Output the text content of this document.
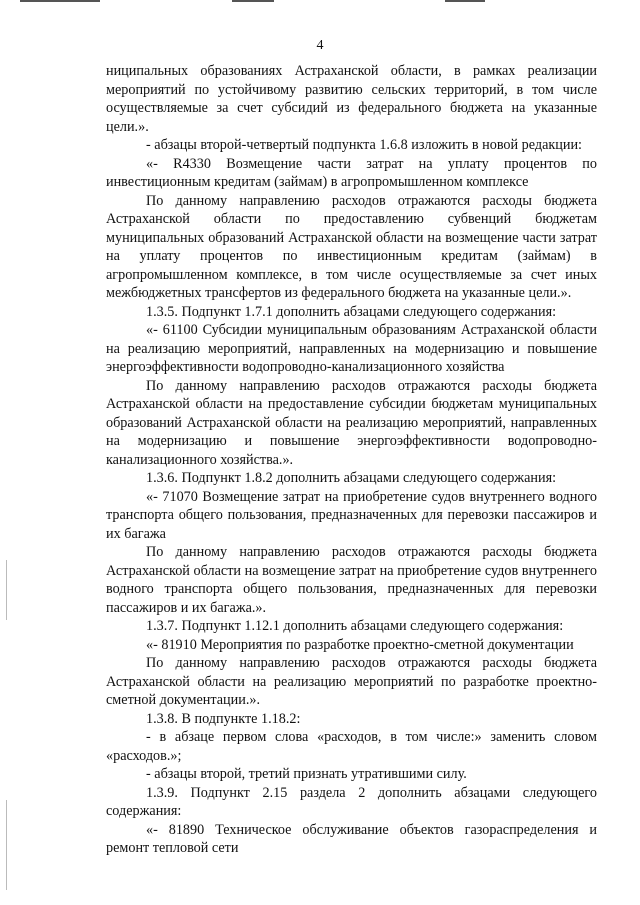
4

ниципальных образованиях Астраханской области, в рамках реализации мероприятий по устойчивому развитию сельских территорий, в том числе осуществляемые за счет субсидий из федерального бюджета на указанные цели.».

- абзацы второй-четвертый подпункта 1.6.8 изложить в новой редакции:

«- R4330 Возмещение части затрат на уплату процентов по инвестиционным кредитам (займам) в агропромышленном комплексе

По данному направлению расходов отражаются расходы бюджета Астраханской области по предоставлению субвенций бюджетам муниципальных образований Астраханской области на возмещение части затрат на уплату процентов по инвестиционным кредитам (займам) в агропромышленном комплексе, в том числе осуществляемые за счет иных межбюджетных трансфертов из федерального бюджета на указанные цели.».

1.3.5. Подпункт 1.7.1 дополнить абзацами следующего содержания:

«- 61100 Субсидии муниципальным образованиям Астраханской области на реализацию мероприятий, направленных на модернизацию и повышение энергоэффективности водопроводно-канализационного хозяйства

По данному направлению расходов отражаются расходы бюджета Астраханской области на предоставление субсидии бюджетам муниципальных образований Астраханской области на реализацию мероприятий, направленных на модернизацию и повышение энергоэффективности водопроводно-канализационного хозяйства.».

1.3.6. Подпункт 1.8.2 дополнить абзацами следующего содержания:

«- 71070 Возмещение затрат на приобретение судов внутреннего водного транспорта общего пользования, предназначенных для перевозки пассажиров и их багажа

По данному направлению расходов отражаются расходы бюджета Астраханской области на возмещение затрат на приобретение судов внутреннего водного транспорта общего пользования, предназначенных для перевозки пассажиров и их багажа.».

1.3.7. Подпункт 1.12.1 дополнить абзацами следующего содержания:

«- 81910 Мероприятия по разработке проектно-сметной документации

По данному направлению расходов отражаются расходы бюджета Астраханской области на реализацию мероприятий по разработке проектно-сметной документации.».

1.3.8. В подпункте 1.18.2:

- в абзаце первом слова «расходов, в том числе:» заменить словом «расходов.»;

- абзацы второй, третий признать утратившими силу.

1.3.9. Подпункт 2.15 раздела 2 дополнить абзацами следующего содержания:

«- 81890 Техническое обслуживание объектов газораспределения и ремонт тепловой сети
